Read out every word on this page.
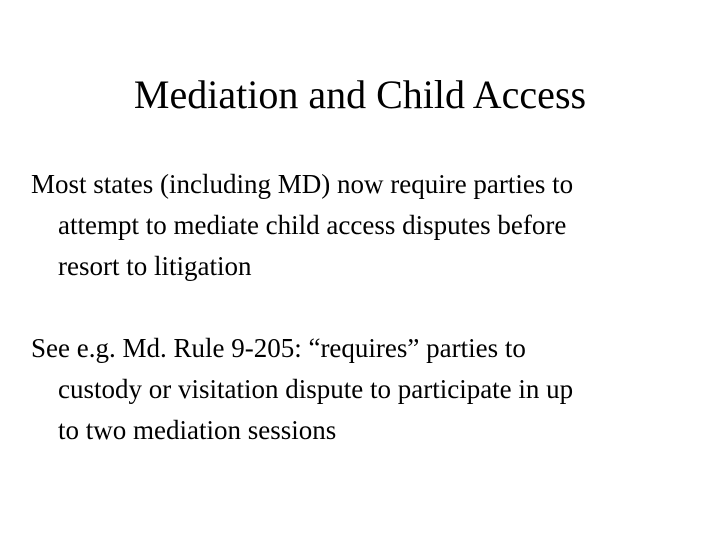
Mediation and Child Access

Most states (including MD) now require parties to
attempt to mediate child access disputes before
resort to litigation

See e.g. Md. Rule 9-205: “requires” parties to
custody or visitation dispute to participate in up
to two mediation sessions
